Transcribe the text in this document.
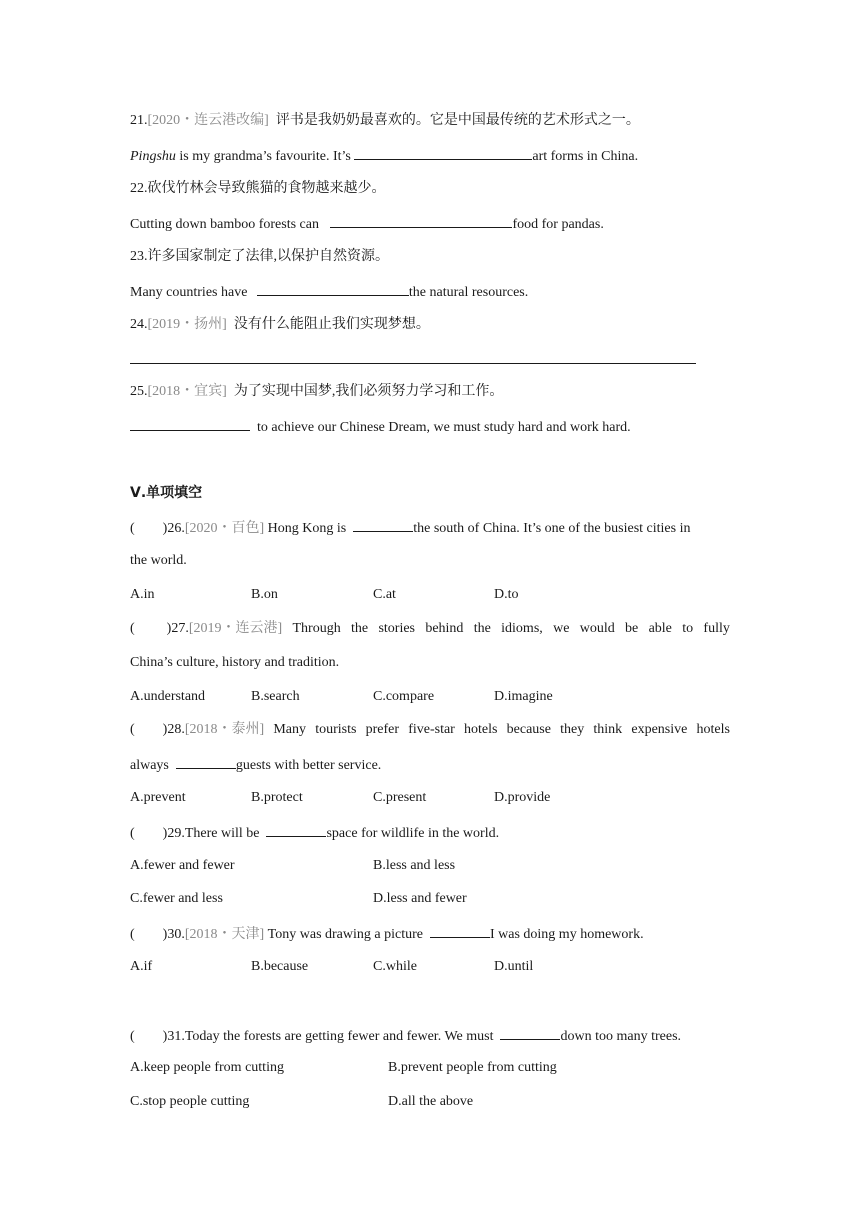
21.[2020・连云港改编] 评书是我奶奶最喜欢的。它是中国最传统的艺术形式之一。
Pingshu is my grandma’s favourite. It’s	art forms in China.
22.砍伐竹林会导致熊猫的食物越来越少。
Cutting down bamboo forests can	food for pandas.
23.许多国家制定了法律,以保护自然资源。
Many countries have	the natural resources.
24.[2019・扬州] 没有什么能阻止我们实现梦想。
25.[2018・宜宾] 为了实现中国梦,我们必须努力学习和工作。
to achieve our Chinese Dream, we must study hard and work hard.
Ⅴ.单项填空
( )26.[2020・百色] Hong Kong is	the south of China. It’s one of the busiest cities in
the world.
A.in	B.on	C.at	D.to
( )27.[2019・连云港] Through the stories behind the idioms, we would be able to fully
China’s culture, history and tradition.
A.understand	B.search	C.compare	D.imagine
( )28.[2018・泰州] Many tourists prefer five-star hotels because they think expensive hotels
always	guests with better service.
A.prevent	B.protect	C.present	D.provide
( )29.There will be	space for wildlife in the world.
A.fewer and fewer	B.less and less
C.fewer and less	D.less and fewer
( )30.[2018・天津] Tony was drawing a picture	I was doing my homework.
A.if	B.because	C.while	D.until
( )31.Today the forests are getting fewer and fewer. We must	down too many trees.
A.keep people from cutting	B.prevent people from cutting
C.stop people cutting	D.all the above
